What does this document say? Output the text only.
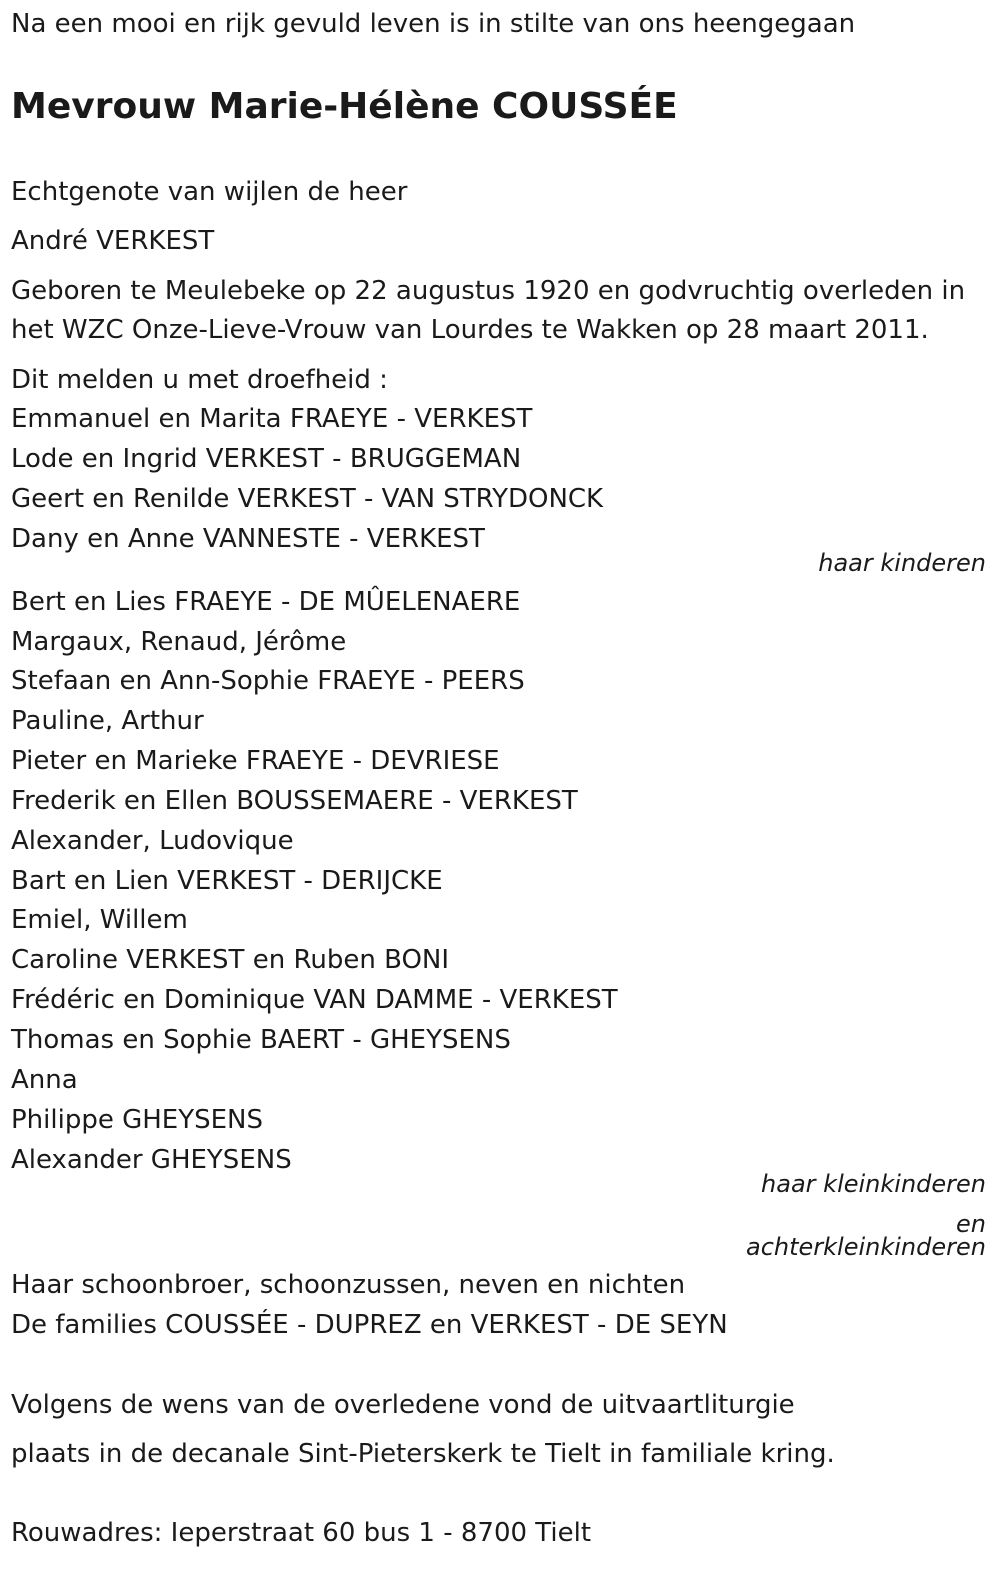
Na een mooi en rijk gevuld leven is in stilte van ons heengegaan

Mevrouw Marie-Hélène COUSSÉE

Echtgenote van wijlen de heer

André VERKEST

Geboren te Meulebeke op 22 augustus 1920 en godvruchtig overleden in

het WZC Onze-Lieve-Vrouw van Lourdes te Wakken op 28 maart 2011.

Dit melden u met droefheid :

Emmanuel en Marita FRAEYE - VERKEST

Lode en Ingrid VERKEST - BRUGGEMAN

Geert en Renilde VERKEST - VAN STRYDONCK

Dany en Anne VANNESTE - VERKEST

haar kinderen

Bert en Lies FRAEYE - DE MÛELENAERE

Margaux, Renaud, Jérôme

Stefaan en Ann-Sophie FRAEYE - PEERS

Pauline, Arthur

Pieter en Marieke FRAEYE - DEVRIESE

Frederik en Ellen BOUSSEMAERE - VERKEST

Alexander, Ludovique

Bart en Lien VERKEST - DERIJCKE

Emiel, Willem

Caroline VERKEST en Ruben BONI

Frédéric en Dominique VAN DAMME - VERKEST

Thomas en Sophie BAERT - GHEYSENS

Anna

Philippe GHEYSENS

Alexander GHEYSENS

haar kleinkinderen

en

achterkleinkinderen

Haar schoonbroer, schoonzussen, neven en nichten

De families COUSSÉE - DUPREZ en VERKEST - DE SEYN

Volgens de wens van de overledene vond de uitvaartliturgie

plaats in de decanale Sint-Pieterskerk te Tielt in familiale kring.

Rouwadres: Ieperstraat 60 bus 1 - 8700 Tielt
